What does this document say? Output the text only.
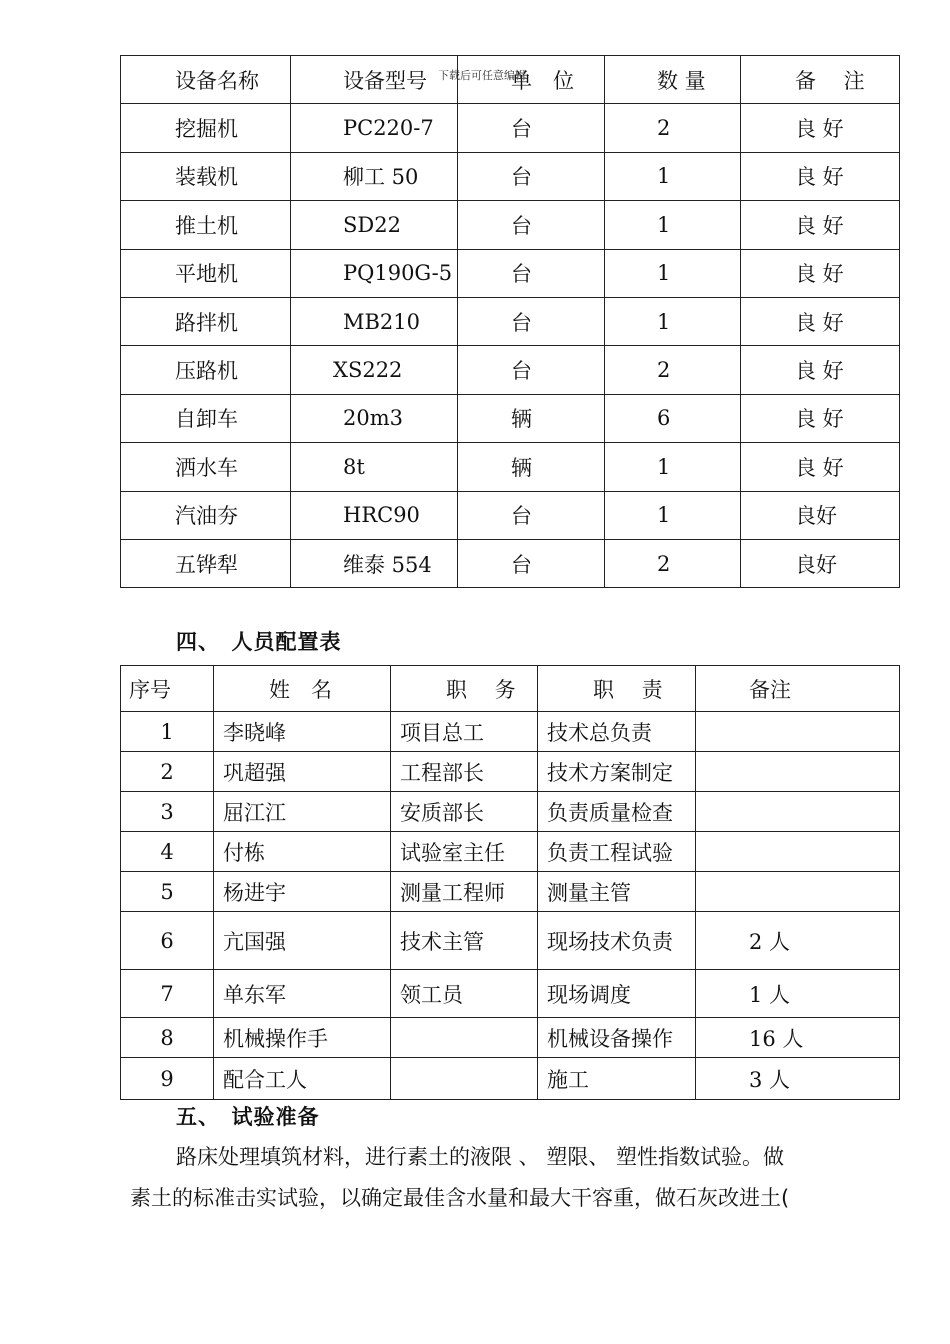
设备名称	设备型号	单　位	数 量	备　 注
挖掘机	PC220-7	台	2	良 好
装载机	柳工 50	台	1	良 好
推土机	SD22	台	1	良 好
平地机	PQ190G-5	台	1	良 好
路拌机	MB210	台	1	良 好
压路机	XS222	台	2	良 好
自卸车	20m3	辆	6	良 好
洒水车	8t	辆	1	良 好
汽油夯	HRC90	台	1	良好
五铧犁	维泰 554	台	2	良好
下载后可任意编辑
四、　人员配置表
序号	姓　名	职　 务	职　 责	备注
1	李晓峰	项目总工	技术总负责	
2	巩超强	工程部长	技术方案制定	
3	屈江江	安质部长	负责质量检查	
4	付栋	试验室主任	负责工程试验	
5	杨进宇	测量工程师	测量主管	
6	亢国强	技术主管	现场技术负责	2 人
7	单东军	领工员	现场调度	1 人
8	机械操作手		机械设备操作	16 人
9	配合工人		施工	3 人
五、　试验准备
路床处理填筑材料，进行素土的液限 、 塑限、 塑性指数试验。做
素土的标准击实试验，以确定最佳含水量和最大干容重，做石灰改进土(
